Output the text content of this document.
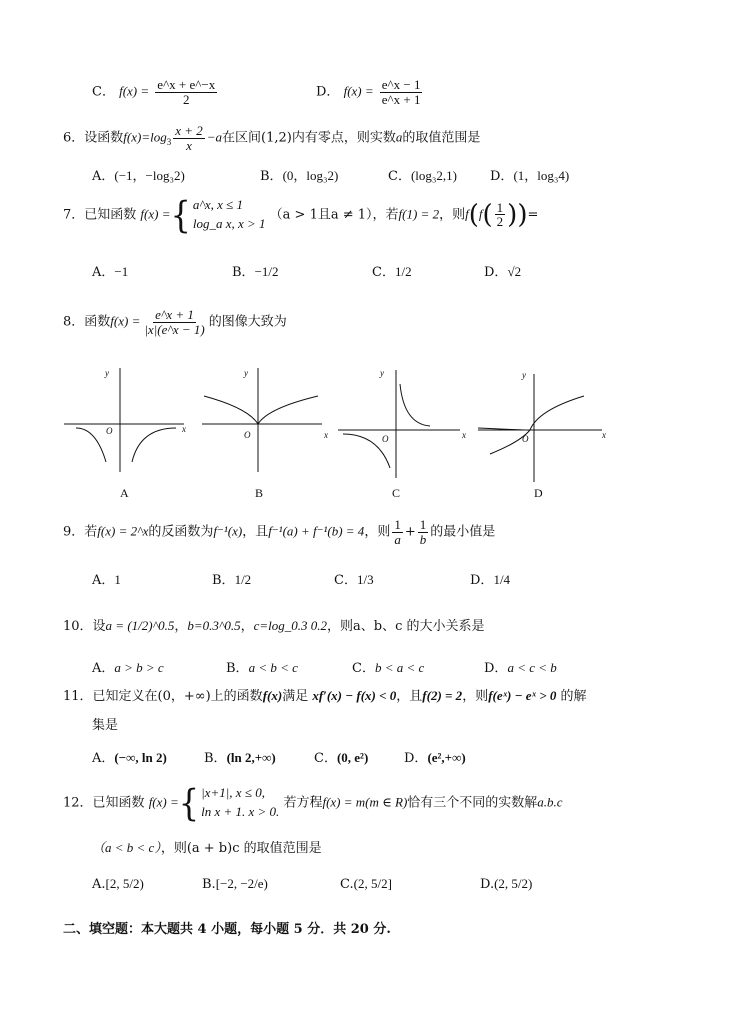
C． $f(x) = \frac{e\^{}x + e\^{}-x}{2}$	D． $f(x) = \frac{e\^{}x - 1}{e\^{}x + 1}$
6．设函数$f(x)=\log_3 \frac{x + 2}{x} -a$在区间(1,2)内有零点，则实数a的取值范围是
A．(−1，−log₃2)	B．(0，log₃2)	C．(log₃2,1)	D．(1，log₃4)
7．已知函数 f(x) ={ a^x, x ≤ 1
log_a x, x > 1
（a > 1且a ≠ 1），若f(1) = 2，则$f(f( \frac{1}{2}$ ))=
A．−1	B．−1/2	C．1/2	D．√2
8．函数$f(x) = \frac{e\^{}x + 1}{|x|(e\^{}x - 1)}$ 的图像大致为
y
O	x
y
O	x
y
O	x
y
O	x
A	B	C	D
9．若f(x) = 2^x的反函数为f⁻¹(x)，且f⁻¹(a) + f⁻¹(b) = 4，则 $\frac{1}{a} + \frac{1}{b}$ 的最小值是
A．1	B．1/2	C．1/3	D．1/4
10．设a = (1/2)^0.5，b=0.3^0.5，c=log_0.3 0.2，则a、b、c 的大小关系是
A．a > b > c	B．a < b < c	C．b < a < c	D．a < c < b
11．已知定义在(0，+∞)上的函数f(x)满足 xf′(x) − f(x) < 0，且f(2) = 2，则f(eˣ) − eˣ > 0 的解
集是
A．(−∞, ln 2)	B．(ln 2,+∞)	C．(0, e²)	D．(e²,+∞)
12．已知函数 f(x) ={ |x+1|, x ≤ 0,
ln x + 1. x > 0.
若方程f(x) = m(m ∈ R)恰有三个不同的实数解a.b.c
（a < b < c），则(a + b)c 的取值范围是
A.[2, 5/2)	B.[−2, −2/e)	C.(2, 5/2]	D.(2, 5/2)
二、填空题：本大题共 4 小题，每小题 5 分．共 20 分.
